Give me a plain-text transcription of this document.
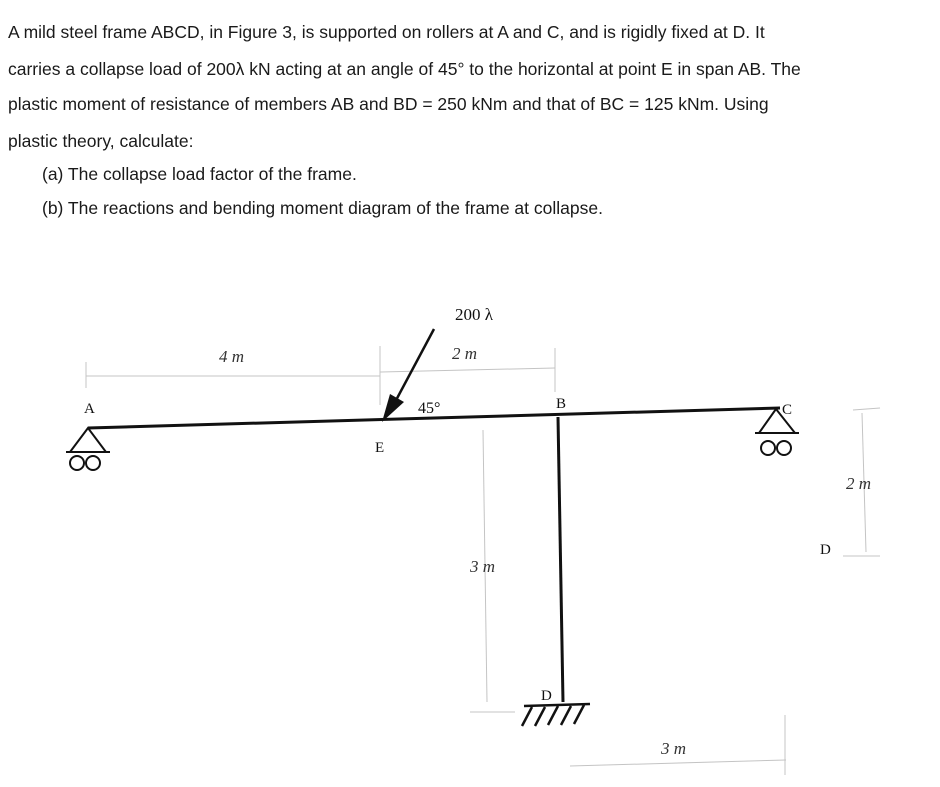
A mild steel frame ABCD, in Figure 3, is supported on rollers at A and C, and is rigidly fixed at D. It
carries a collapse load of 200λ kN acting at an angle of 45° to the horizontal at point E in span AB. The
plastic moment of resistance of members AB and BD = 250 kNm and that of BC = 125 kNm. Using
plastic theory, calculate:
(a) The collapse load factor of the frame.
(b) The reactions and bending moment diagram of the frame at collapse.
200 λ
45°
A	B	C
E
D
D
4 m	2 m
3 m
2 m
3 m
